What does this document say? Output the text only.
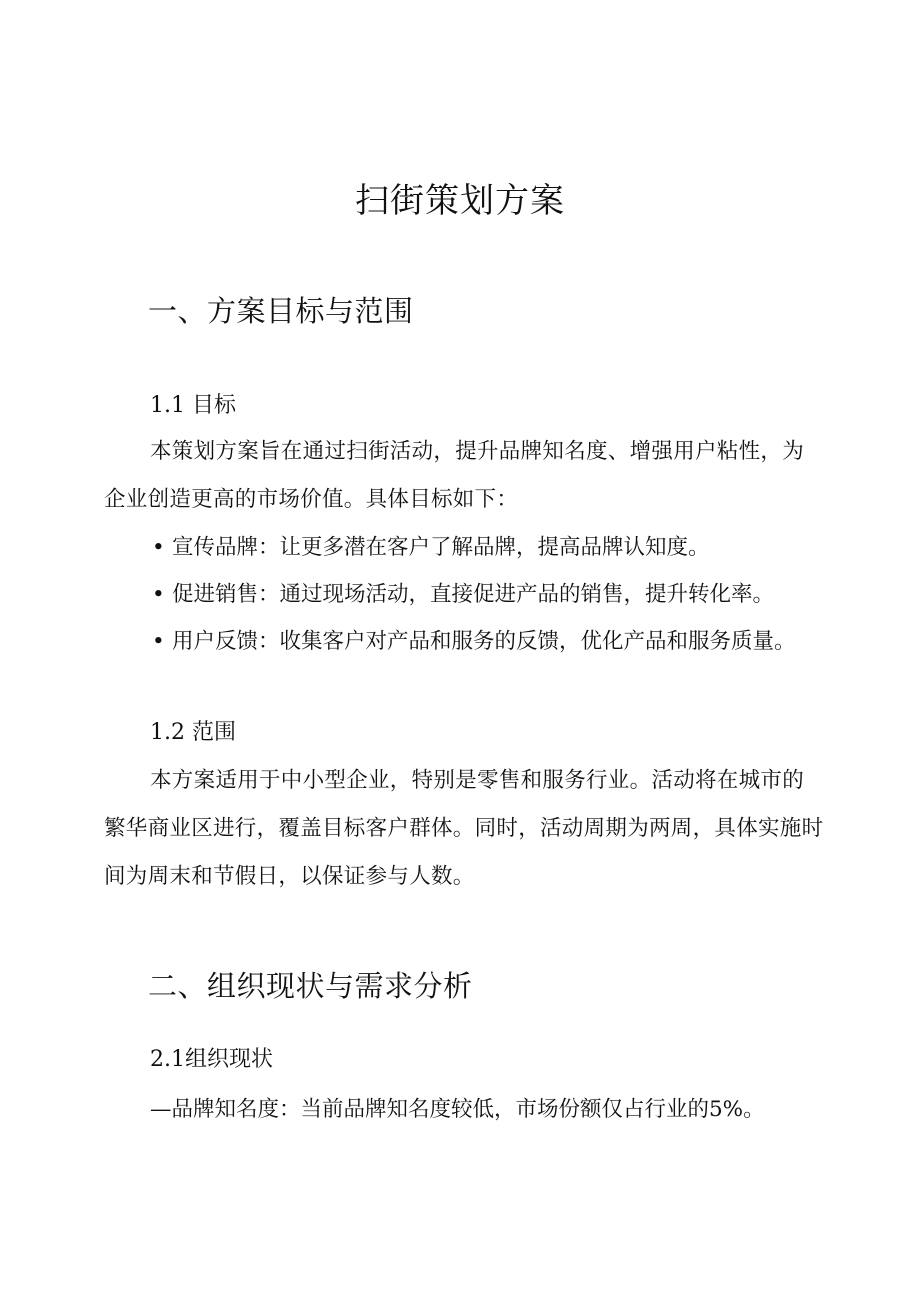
扫街策划方案
一、方案目标与范围
1.1 目标

本策划方案旨在通过扫街活动，提升品牌知名度、增强用户粘性，为企业创造更高的市场价值。具体目标如下：

• 宣传品牌：让更多潜在客户了解品牌，提高品牌认知度。
• 促进销售：通过现场活动，直接促进产品的销售，提升转化率。
• 用户反馈：收集客户对产品和服务的反馈，优化产品和服务质量。
1.2 范围

本方案适用于中小型企业，特别是零售和服务行业。活动将在城市的繁华商业区进行，覆盖目标客户群体。同时，活动周期为两周，具体实施时间为周末和节假日，以保证参与人数。

二、组织现状与需求分析
2.1组织现状

—品牌知名度：当前品牌知名度较低，市场份额仅占行业的5%。
